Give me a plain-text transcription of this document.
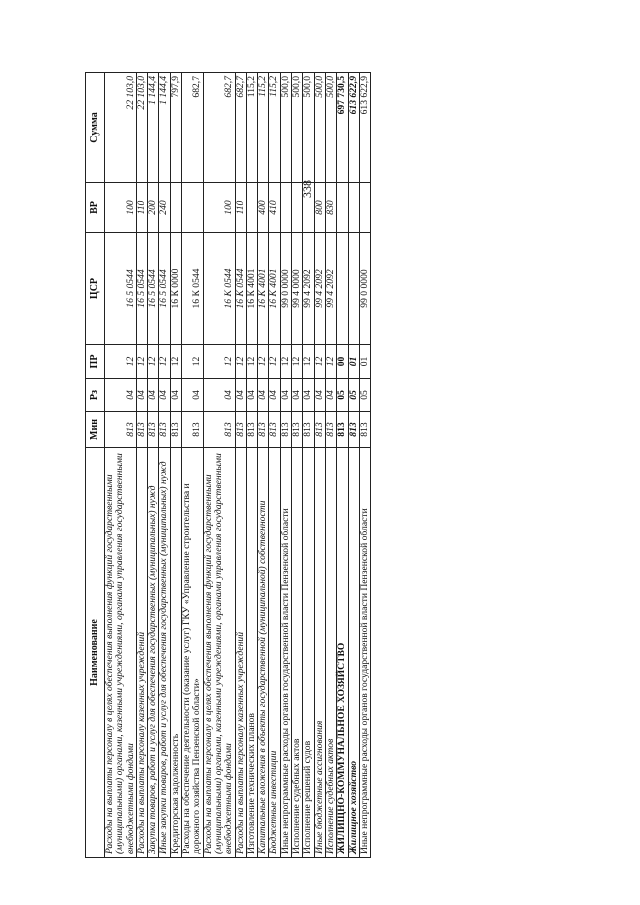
338
Наименование	Мин	Рз	ПР	ЦСР	ВР	Сумма
Расходы на выплаты персоналу в целях обеспечения выполнения функций государственными (муниципальными) органами, казенными учреждениями, органами управления государственными внебюджетными фондами	813	04	12	16 5 0544	100	22 103,0
Расходы на выплаты персоналу казенных учреждений	813	04	12	16 5 0544	110	22 103,0
Закупка товаров, работ и услуг для обеспечения государственных (муниципальных) нужд	813	04	12	16 5 0544	200	1 144,4
Иные закупки товаров, работ и услуг для обеспечения государственных (муниципальных) нужд	813	04	12	16 5 0544	240	1 144,4
Кредиторская задолженность	813	04	12	16 К 0000		797,9
Расходы на обеспечение деятельности (оказание услуг) ГКУ «Управление строительства и дорожного хозяйства Пензенской области»	813	04	12	16 К 0544		682,7
Расходы на выплаты персоналу в целях обеспечения выполнения функций государственными (муниципальными) органами, казенными учреждениями, органами управления государственными внебюджетными фондами	813	04	12	16 К 0544	100	682,7
Расходы на выплаты персоналу казенных учреждений	813	04	12	16 К 0544	110	682,7
Изготовление технических планов	813	04	12	16 К 4001		115,2
Капитальные вложения в объекты государственной (муниципальной) собственности	813	04	12	16 К 4001	400	115,2
Бюджетные инвестиции	813	04	12	16 К 4001	410	115,2
Иные непрограммные расходы органов государственной власти Пензенской области	813	04	12	99 0 0000		500,0
Исполнение судебных актов	813	04	12	99 4 0000		500,0
Исполнение решений судов	813	04	12	99 4 2092		500,0
Иные бюджетные ассигнования	813	04	12	99 4 2092	800	500,0
Исполнение судебных актов	813	04	12	99 4 2092	830	500,0
ЖИЛИЩНО-КОММУНАЛЬНОЕ ХОЗЯЙСТВО	813	05	00			697 730,5
Жилищное хозяйство	813	05	01			613 622,9
Иные непрограммные расходы органов государственной власти Пензенской области	813	05	01	99 0 0000		613 622,9
